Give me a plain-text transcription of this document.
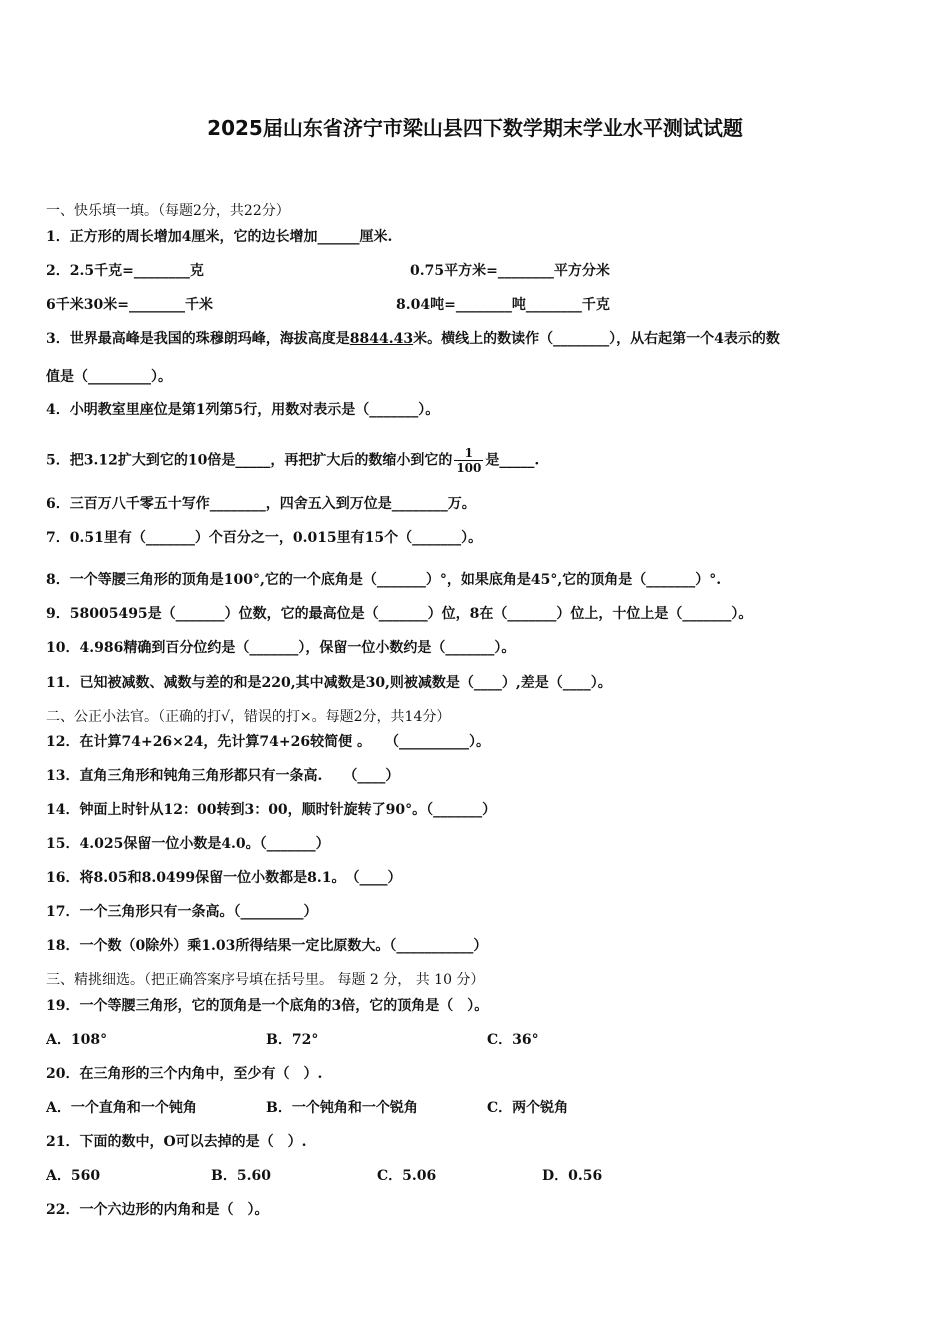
2025届山东省济宁市梁山县四下数学期末学业水平测试试题
一、快乐填一填。（每题2分，共22分）
1．正方形的周长增加4厘米，它的边长增加______厘米.
2．2.5千克=________克	0.75平方米=________平方分米
6千米30米=________千米	8.04吨=________吨________千克
3．世界最高峰是我国的珠穆朗玛峰，海拔高度是8844.43米。横线上的数读作（________），从右起第一个4表示的数
值是（_________）。
4．小明教室里座位是第1列第5行，用数对表示是（_______）。
5．把3.12扩大到它的10倍是_____，再把扩大后的数缩小到它的 $\frac{1}{100}$ 是_____.
6．三百万八千零五十写作________，四舍五入到万位是________万。
7．0.51里有（_______）个百分之一，0.015里有15个（_______）。
8．一个等腰三角形的顶角是100°,它的一个底角是（_______）°，如果底角是45°,它的顶角是（_______）°.
9．58005495是（_______）位数，它的最高位是（_______）位，8在（_______）位上，十位上是（_______）。
10．4.986精确到百分位约是（_______），保留一位小数约是（_______）。
11．已知被减数、减数与差的和是220,其中减数是30,则被减数是（____）,差是（____）。
二、公正小法官。（正确的打√，错误的打×。每题2分，共14分）
12．在计算74+26×24，先计算74+26较简便 。　　（__________）。
13．直角三角形和钝角三角形都只有一条高.　　（____）
14．钟面上时针从12：00转到3：00，顺时针旋转了90°。（_______）
15．4.025保留一位小数是4.0。（_______）
16．将8.05和8.0499保留一位小数都是8.1。　（____）
17．一个三角形只有一条高。（_________）
18．一个数（0除外）乘1.03所得结果一定比原数大。（___________）
三、精挑细选。（把正确答案序号填在括号里。 每题 2 分， 共 10 分）
19．一个等腰三角形，它的顶角是一个底角的3倍，它的顶角是（　）。
A．108°	B．72°	C．36°
20．在三角形的三个内角中，至少有（　）.
A．一个直角和一个钝角	B．一个钝角和一个锐角	C．两个锐角
21．下面的数中，O可以去掉的是（　）.
A．560	B．5.60	C．5.06	D．0.56
22．一个六边形的内角和是（　）。
